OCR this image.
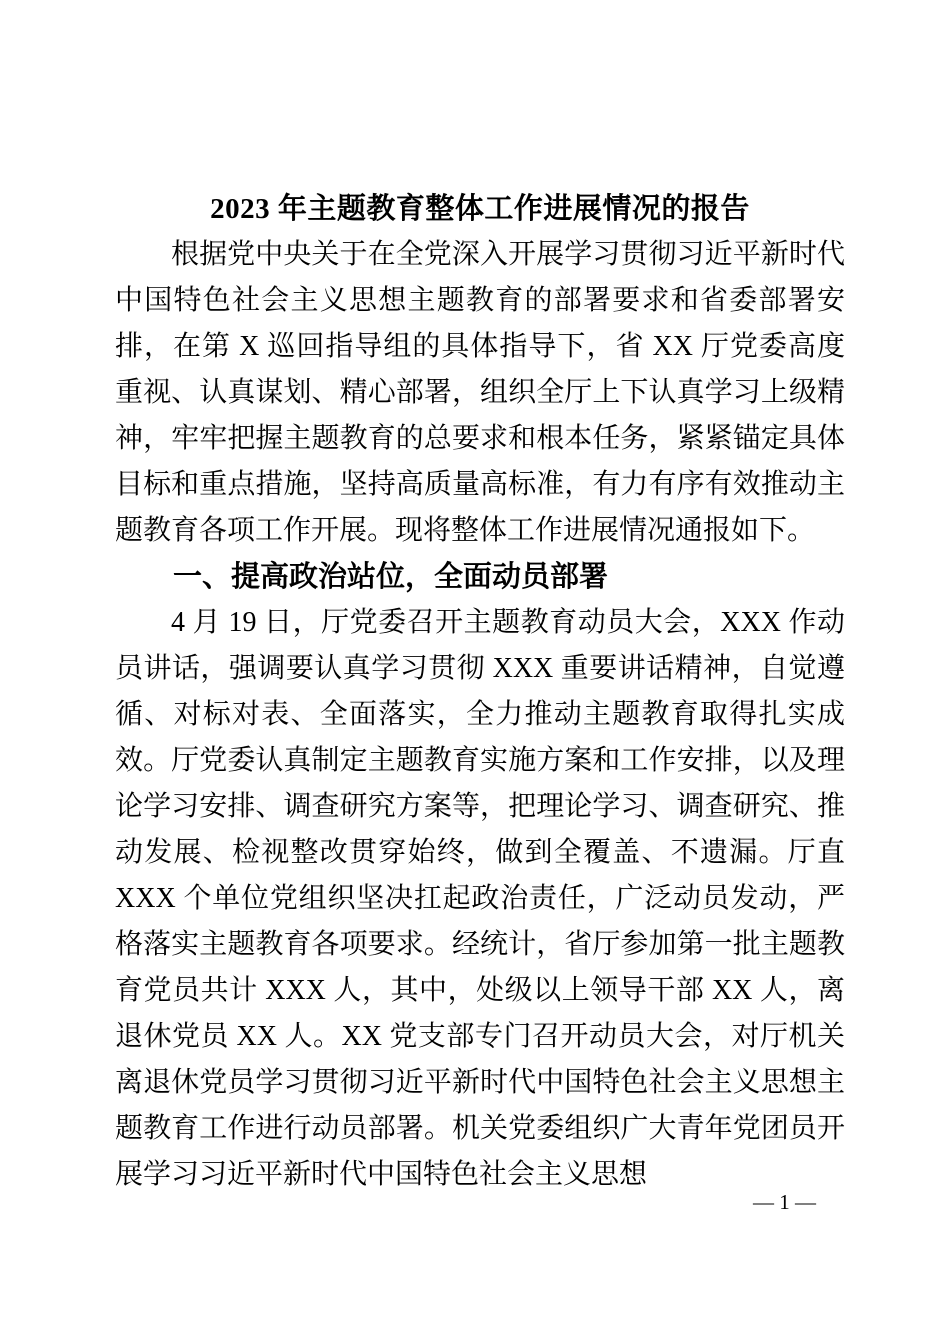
2023 年主题教育整体工作进展情况的报告

根据党中央关于在全党深入开展学习贯彻习近平新时代中国特色社会主义思想主题教育的部署要求和省委部署安排，在第 X 巡回指导组的具体指导下，省 XX 厅党委高度重视、认真谋划、精心部署，组织全厅上下认真学习上级精神，牢牢把握主题教育的总要求和根本任务，紧紧锚定具体目标和重点措施，坚持高质量高标准，有力有序有效推动主题教育各项工作开展。现将整体工作进展情况通报如下。

一、提高政治站位，全面动员部署

4 月 19 日，厅党委召开主题教育动员大会，XXX 作动员讲话，强调要认真学习贯彻 XXX 重要讲话精神，自觉遵循、对标对表、全面落实，全力推动主题教育取得扎实成效。厅党委认真制定主题教育实施方案和工作安排，以及理论学习安排、调查研究方案等，把理论学习、调查研究、推动发展、检视整改贯穿始终，做到全覆盖、不遗漏。厅直 XXX 个单位党组织坚决扛起政治责任，广泛动员发动，严格落实主题教育各项要求。经统计，省厅参加第一批主题教育党员共计 XXX 人，其中，处级以上领导干部 XX 人，离退休党员 XX 人。XX 党支部专门召开动员大会，对厅机关离退休党员学习贯彻习近平新时代中国特色社会主义思想主题教育工作进行动员部署。机关党委组织广大青年党团员开展学习习近平新时代中国特色社会主义思想

— 1 —
